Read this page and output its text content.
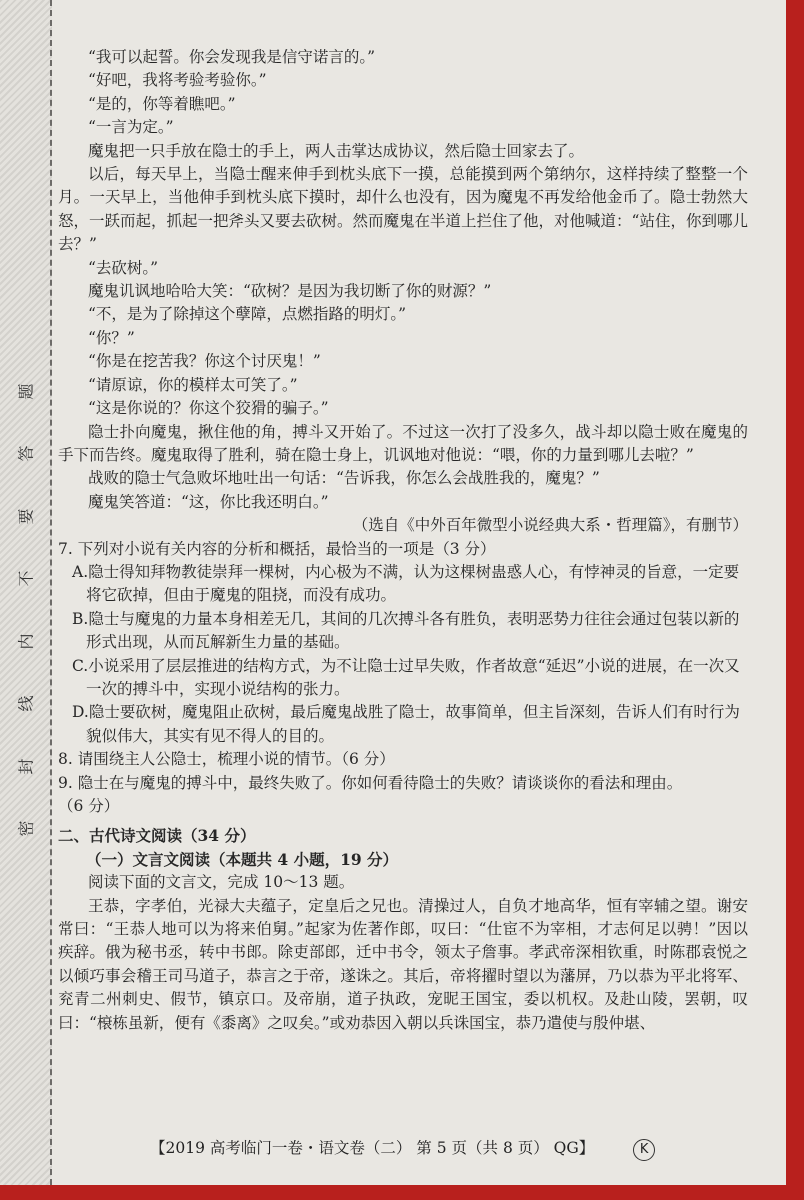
题
答
要
不
内
线
封
密

“我可以起誓。你会发现我是信守诺言的。”

“好吧，我将考验考验你。”

“是的，你等着瞧吧。”

“一言为定。”

魔鬼把一只手放在隐士的手上，两人击掌达成协议，然后隐士回家去了。

以后，每天早上，当隐士醒来伸手到枕头底下一摸，总能摸到两个第纳尔，这样持续了整整一个月。一天早上，当他伸手到枕头底下摸时，却什么也没有，因为魔鬼不再发给他金币了。隐士勃然大怒，一跃而起，抓起一把斧头又要去砍树。然而魔鬼在半道上拦住了他，对他喊道：“站住，你到哪儿去？”

“去砍树。”

魔鬼讥讽地哈哈大笑：“砍树？是因为我切断了你的财源？”

“不，是为了除掉这个孽障，点燃指路的明灯。”

“你？”

“你是在挖苦我？你这个讨厌鬼！”

“请原谅，你的模样太可笑了。”

“这是你说的？你这个狡猾的骗子。”

隐士扑向魔鬼，揪住他的角，搏斗又开始了。不过这一次打了没多久，战斗却以隐士败在魔鬼的手下而告终。魔鬼取得了胜利，骑在隐士身上，讥讽地对他说：“喂，你的力量到哪儿去啦？”

战败的隐士气急败坏地吐出一句话：“告诉我，你怎么会战胜我的，魔鬼？”

魔鬼笑答道：“这，你比我还明白。”

（选自《中外百年微型小说经典大系・哲理篇》，有删节）

7. 下列对小说有关内容的分析和概括，最恰当的一项是（3 分）

A.隐士得知拜物教徒崇拜一棵树，内心极为不满，认为这棵树蛊惑人心，有悖神灵的旨意，一定要将它砍掉，但由于魔鬼的阻挠，而没有成功。

B.隐士与魔鬼的力量本身相差无几，其间的几次搏斗各有胜负，表明恶势力往往会通过包装以新的形式出现，从而瓦解新生力量的基础。

C.小说采用了层层推进的结构方式，为不让隐士过早失败，作者故意“延迟”小说的进展，在一次又一次的搏斗中，实现小说结构的张力。

D.隐士要砍树，魔鬼阻止砍树，最后魔鬼战胜了隐士，故事简单，但主旨深刻，告诉人们有时行为貌似伟大，其实有见不得人的目的。

8. 请围绕主人公隐士，梳理小说的情节。（6 分）

9. 隐士在与魔鬼的搏斗中，最终失败了。你如何看待隐士的失败？请谈谈你的看法和理由。

（6 分）

二、古代诗文阅读（34 分）

（一）文言文阅读（本题共 4 小题，19 分）

阅读下面的文言文，完成 10～13 题。

王恭，字孝伯，光禄大夫蕴子，定皇后之兄也。清操过人，自负才地高华，恒有宰辅之望。谢安常曰：“王恭人地可以为将来伯舅。”起家为佐著作郎，叹曰：“仕宦不为宰相，才志何足以骋！”因以疾辞。俄为秘书丞，转中书郎。除吏部郎，迁中书令，领太子詹事。孝武帝深相钦重，时陈郡袁悦之以倾巧事会稽王司马道子，恭言之于帝，遂诛之。其后，帝将擢时望以为藩屏，乃以恭为平北将军、兖青二州刺史、假节，镇京口。及帝崩，道子执政，宠昵王国宝，委以机权。及赴山陵，罢朝，叹曰：“榱栋虽新，便有《黍离》之叹矣。”或劝恭因入朝以兵诛国宝，恭乃遣使与殷仲堪、

【2019 高考临门一卷・语文卷（二） 第 5 页（共 8 页） QG】	K
